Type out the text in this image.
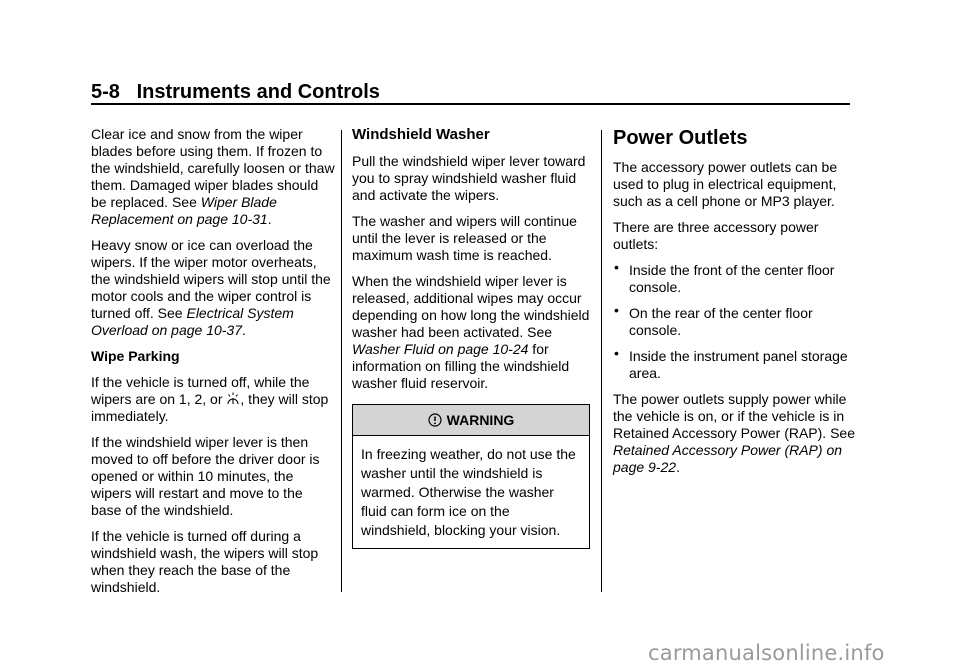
5-8 Instruments and Controls

Clear ice and snow from the wiper blades before using them. If frozen to the windshield, carefully loosen or thaw them. Damaged wiper blades should be replaced. See Wiper Blade Replacement on page 10-31.

Heavy snow or ice can overload the wipers. If the wiper motor overheats, the windshield wipers will stop until the motor cools and the wiper control is turned off. See Electrical System Overload on page 10-37.

Wipe Parking

If the vehicle is turned off, while the wipers are on 1, 2, or , they will stop immediately.

If the windshield wiper lever is then moved to off before the driver door is opened or within 10 minutes, the wipers will restart and move to the base of the windshield.

If the vehicle is turned off during a windshield wash, the wipers will stop when they reach the base of the windshield.

Windshield Washer

Pull the windshield wiper lever toward you to spray windshield washer fluid and activate the wipers.

The washer and wipers will continue until the lever is released or the maximum wash time is reached.

When the windshield wiper lever is released, additional wipes may occur depending on how long the windshield washer had been activated. See Washer Fluid on page 10-24 for information on filling the windshield washer fluid reservoir.

WARNING
In freezing weather, do not use the washer until the windshield is warmed. Otherwise the washer fluid can form ice on the windshield, blocking your vision.

Power Outlets

The accessory power outlets can be used to plug in electrical equipment, such as a cell phone or MP3 player.

There are three accessory power outlets:

• Inside the front of the center floor console.
• On the rear of the center floor console.
• Inside the instrument panel storage area.

The power outlets supply power while the vehicle is on, or if the vehicle is in Retained Accessory Power (RAP). See Retained Accessory Power (RAP) on page 9-22.

carmanualsonline.info
